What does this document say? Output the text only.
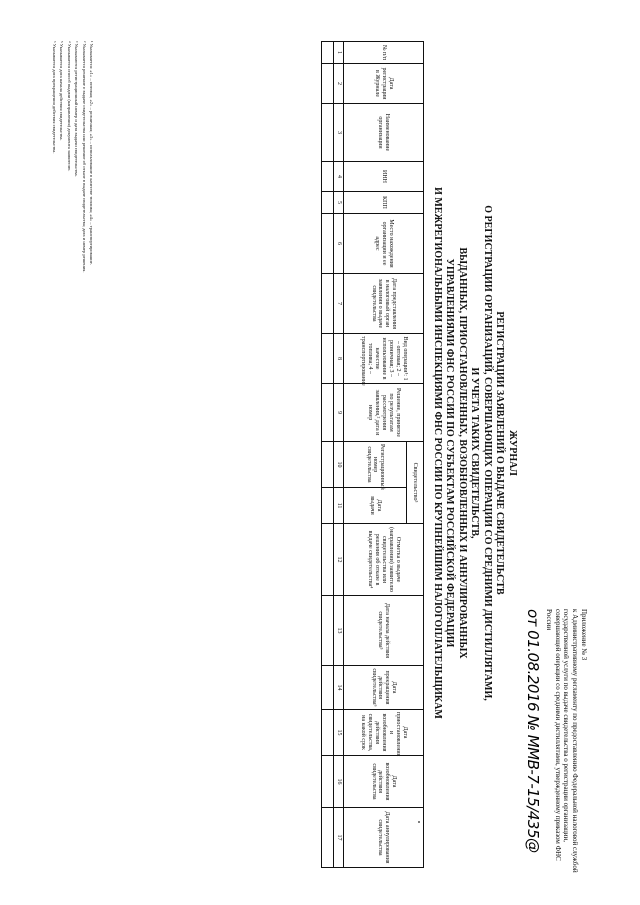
Приложение № 3
к Административному регламенту по предоставлению Федеральной налоговой службой государственной услуги по выдаче свидетельства о регистрации организации, совершающей операции со средними дистиллятами, утвержденному приказом ФНС России
от 01.08.2016 № ММВ-7-15/435@
ЖУРНАЛ
РЕГИСТРАЦИИ ЗАЯВЛЕНИЙ О ВЫДАЧЕ СВИДЕТЕЛЬСТВ
О РЕГИСТРАЦИИ ОРГАНИЗАЦИЙ, СОВЕРШАЮЩИХ ОПЕРАЦИИ СО СРЕДНИМИ ДИСТИЛЛЯТАМИ,
И УЧЕТА ТАКИХ СВИДЕТЕЛЬСТВ,
ВЫДАННЫХ, ПРИОСТАНОВЛЕННЫХ, ВОЗОБНОВЛЕННЫХ И АННУЛИРОВАННЫХ
УПРАВЛЕНИЯМИ ФНС РОССИИ ПО СУБЪЕКТАМ РОССИЙСКОЙ ФЕДЕРАЦИИ
И МЕЖРЕГИОНАЛЬНЫМИ ИНСПЕКЦИЯМИ ФНС РОССИИ ПО КРУПНЕЙШИМ НАЛОГОПЛАТЕЛЬЩИКАМ
№ п/п	Дата регистрации в Журнале	Наименование организации	ИНН	КПП	Место нахождения организации и ее адрес	Дата представления в налоговый орган заявления о выдаче свидетельства	Вид операции¹: 1 – оптовая; 2 – розничная; 3 – использование в качестве топлива; 4 – транспортирование	Решение, принятое по результатам рассмотрения заявления,² дата и номер	Свидетельство³		Отметка о выдаче (направлении) заявителю свидетельства или решения об отказе в выдаче свидетельства⁴	Дата начала действия свидетельства⁵	Дата прекращения действия свидетельства⁶	Дата приостановления и возобновления действия свидетельства, на какой срок	Дата возобновления действия свидетельства	Дата аннулирования свидетельства
									Регистрационный номер свидетельства	Дата выдачи						
1	2	3	4	5	6	7	8	9	10	11	12	13	14	15	16	17

¹ Указывается: «1» – оптовая; «2» – розничная; «3» – использование в качестве топлива; «4» – транспортирование.

² Указывается решение о выдаче свидетельства или решение об отказе в выдаче свидетельства; дата и номер решения.

³ Указываются регистрационный номер и дата выдачи свидетельства.

⁴ Указывается способ выдачи (направления) документа заявителю.

⁵ Указывается дата начала действия свидетельства.

⁶ Указывается дата прекращения действия свидетельства.
